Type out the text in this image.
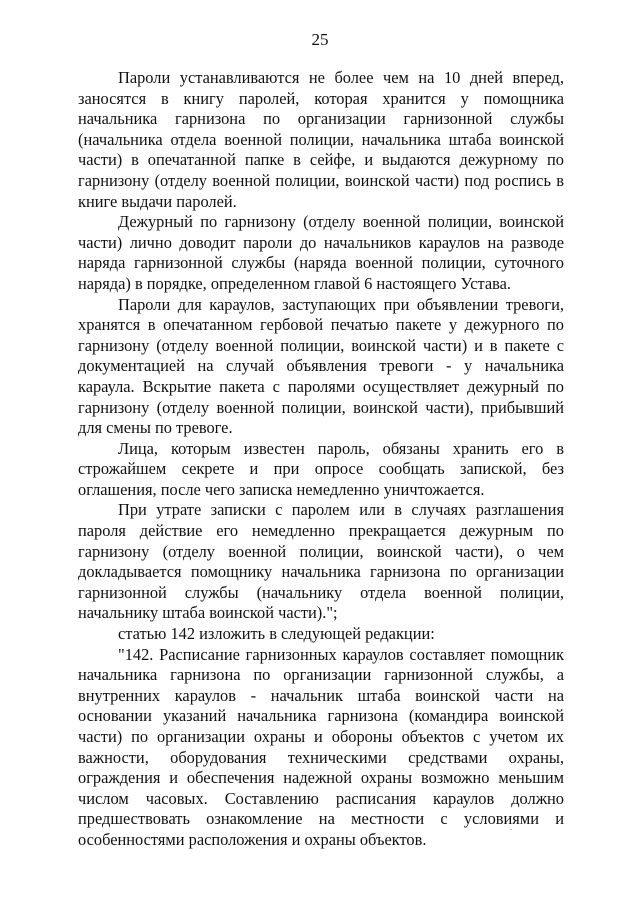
25

Пароли устанавливаются не более чем на 10 дней вперед, заносятся в книгу паролей, которая хранится у помощника начальника гарнизона по организации гарнизонной службы (начальника отдела военной полиции, начальника штаба воинской части) в опечатанной папке в сейфе, и выдаются дежурному по гарнизону (отделу военной полиции, воинской части) под роспись в книге выдачи паролей.

Дежурный по гарнизону (отделу военной полиции, воинской части) лично доводит пароли до начальников караулов на разводе наряда гарнизонной службы (наряда военной полиции, суточного наряда) в порядке, определенном главой 6 настоящего Устава.

Пароли для караулов, заступающих при объявлении тревоги, хранятся в опечатанном гербовой печатью пакете у дежурного по гарнизону (отделу военной полиции, воинской части) и в пакете с документацией на случай объявления тревоги - у начальника караула. Вскрытие пакета с паролями осуществляет дежурный по гарнизону (отделу военной полиции, воинской части), прибывший для смены по тревоге.

Лица, которым известен пароль, обязаны хранить его в строжайшем секрете и при опросе сообщать запиской, без оглашения, после чего записка немедленно уничтожается.

При утрате записки с паролем или в случаях разглашения пароля действие его немедленно прекращается дежурным по гарнизону (отделу военной полиции, воинской части), о чем докладывается помощнику начальника гарнизона по организации гарнизонной службы (начальнику отдела военной полиции, начальнику штаба воинской части).";

статью 142 изложить в следующей редакции:

"142. Расписание гарнизонных караулов составляет помощник начальника гарнизона по организации гарнизонной службы, а внутренних караулов - начальник штаба воинской части на основании указаний начальника гарнизона (командира воинской части) по организации охраны и обороны объектов с учетом их важности, оборудования техническими средствами охраны, ограждения и обеспечения надежной охраны возможно меньшим числом часовых. Составлению расписания караулов должно предшествовать ознакомление на местности с условиями и особенностями расположения и охраны объектов.
